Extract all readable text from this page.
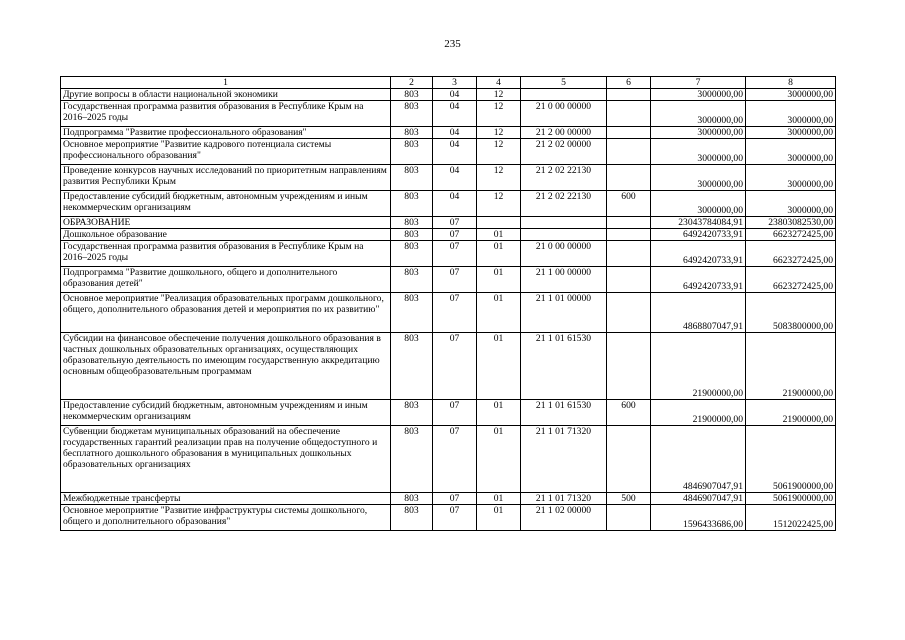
235
1	2	3	4	5	6	7	8
Другие вопросы в области национальной экономики	803	04	12			3000000,00	3000000,00
Государственная программа развития образования в Республике Крым на 2016–2025 годы	803	04	12	21 0 00 00000		3000000,00	3000000,00
Подпрограмма "Развитие профессионального образования"	803	04	12	21 2 00 00000		3000000,00	3000000,00
Основное мероприятие "Развитие кадрового потенциала системы профессионального образования"	803	04	12	21 2 02 00000		3000000,00	3000000,00
Проведение конкурсов научных исследований по приоритетным направлениям развития Республики Крым	803	04	12	21 2 02 22130		3000000,00	3000000,00
Предоставление субсидий бюджетным, автономным учреждениям и иным некоммерческим организациям	803	04	12	21 2 02 22130	600	3000000,00	3000000,00
ОБРАЗОВАНИЕ	803	07				23043784084,91	23803082530,00
Дошкольное образование	803	07	01			6492420733,91	6623272425,00
Государственная программа развития образования в Республике Крым на 2016–2025 годы	803	07	01	21 0 00 00000		6492420733,91	6623272425,00
Подпрограмма "Развитие дошкольного, общего и дополнительного образования детей"	803	07	01	21 1 00 00000		6492420733,91	6623272425,00
Основное мероприятие "Реализация образовательных программ дошкольного, общего, дополнительного образования детей и мероприятия по их развитию"	803	07	01	21 1 01 00000		4868807047,91	5083800000,00
Субсидии на финансовое обеспечение получения дошкольного образования в частных дошкольных образовательных организациях, осуществляющих образовательную деятельность по имеющим государственную аккредитацию основным общеобразовательным программам	803	07	01	21 1 01 61530		21900000,00	21900000,00
Предоставление субсидий бюджетным, автономным учреждениям и иным некоммерческим организациям	803	07	01	21 1 01 61530	600	21900000,00	21900000,00
Субвенции бюджетам муниципальных образований на обеспечение государственных гарантий реализации прав на получение общедоступного и бесплатного дошкольного образования в муниципальных дошкольных образовательных организациях	803	07	01	21 1 01 71320		4846907047,91	5061900000,00
Межбюджетные трансферты	803	07	01	21 1 01 71320	500	4846907047,91	5061900000,00
Основное мероприятие "Развитие инфраструктуры системы дошкольного, общего и дополнительного образования"	803	07	01	21 1 02 00000		1596433686,00	1512022425,00
